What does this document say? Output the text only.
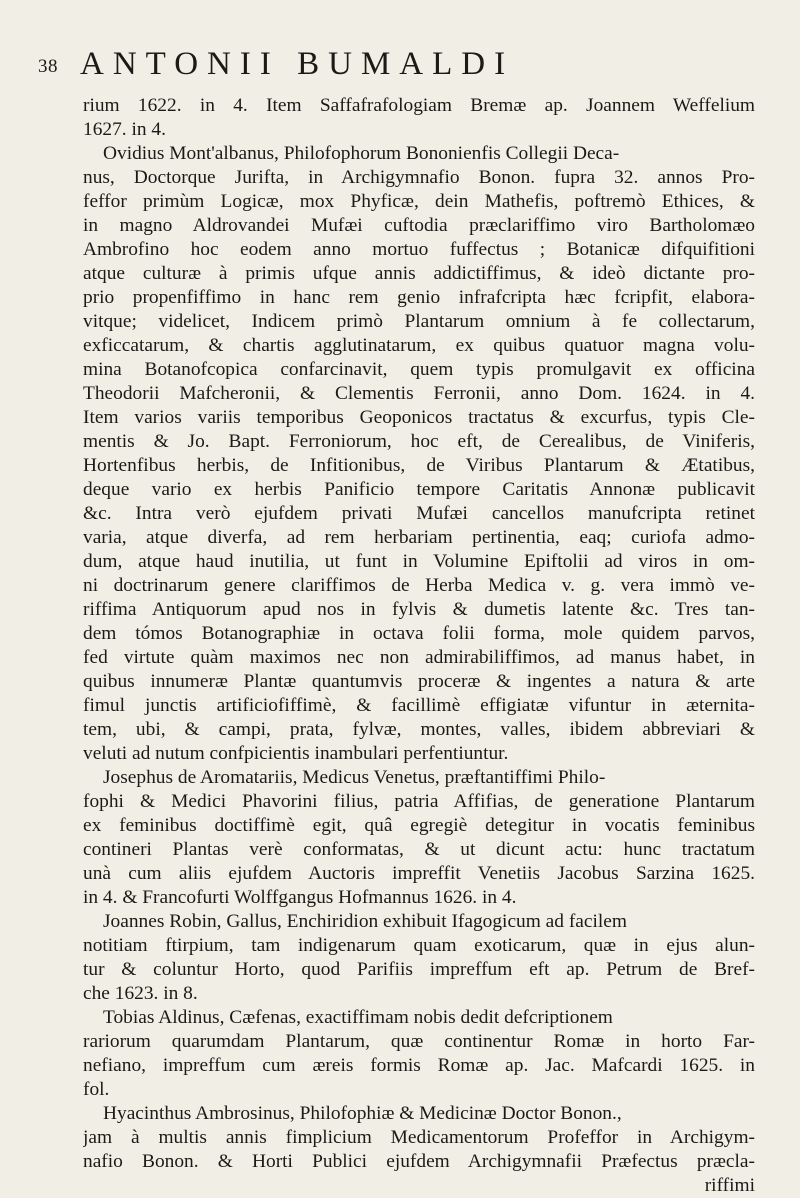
38 ANTONII BUMALDI
rium 1622. in 4. Item Saffafrafologiam Bremæ ap. Joannem Weffelium
1627. in 4.
Ovidius Mont'albanus, Philofophorum Bononienfis Collegii Deca-
nus, Doctorque Jurifta, in Archigymnafio Bonon. fupra 32. annos Pro-
feffor primùm Logicæ, mox Phyficæ, dein Mathefis, poftremò Ethices, &
in magno Aldrovandei Mufæi cuftodia præclariffimo viro Bartholomæo
Ambrofino hoc eodem anno mortuo fuffectus ; Botanicæ difquifitioni
atque culturæ à primis ufque annis addictiffimus, & ideò dictante pro-
prio propenfiffimo in hanc rem genio infrafcripta hæc fcripfit, elabora-
vitque; videlicet, Indicem primò Plantarum omnium à fe collectarum,
exficcatarum, & chartis agglutinatarum, ex quibus quatuor magna volu-
mina Botanofcopica confarcinavit, quem typis promulgavit ex officina
Theodorii Mafcheronii, & Clementis Ferronii, anno Dom. 1624. in 4.
Item varios variis temporibus Geoponicos tractatus & excurfus, typis Cle-
mentis & Jo. Bapt. Ferroniorum, hoc eft, de Cerealibus, de Viniferis,
Hortenfibus herbis, de Infitionibus, de Viribus Plantarum & Ætatibus,
deque vario ex herbis Panificio tempore Caritatis Annonæ publicavit
&c. Intra verò ejufdem privati Mufæi cancellos manufcripta retinet
varia, atque diverfa, ad rem herbariam pertinentia, eaq; curiofa admo-
dum, atque haud inutilia, ut funt in Volumine Epiftolii ad viros in om-
ni doctrinarum genere clariffimos de Herba Medica v. g. vera immò ve-
riffima Antiquorum apud nos in fylvis & dumetis latente &c. Tres tan-
dem tómos Botanographiæ in octava folii forma, mole quidem parvos,
fed virtute quàm maximos nec non admirabiliffimos, ad manus habet, in
quibus innumeræ Plantæ quantumvis proceræ & ingentes a natura & arte
fimul junctis artificiofiffimè, & facillimè effigiatæ vifuntur in æternita-
tem, ubi, & campi, prata, fylvæ, montes, valles, ibidem abbreviari &
veluti ad nutum confpicientis inambulari perfentiuntur.
Josephus de Aromatariis, Medicus Venetus, præftantiffimi Philo-
fophi & Medici Phavorini filius, patria Affifias, de generatione Plantarum
ex feminibus doctiffimè egit, quâ egregiè detegitur in vocatis feminibus
contineri Plantas verè conformatas, & ut dicunt actu: hunc tractatum
unà cum aliis ejufdem Auctoris impreffit Venetiis Jacobus Sarzina 1625.
in 4. & Francofurti Wolffgangus Hofmannus 1626. in 4.
Joannes Robin, Gallus, Enchiridion exhibuit Ifagogicum ad facilem
notitiam ftirpium, tam indigenarum quam exoticarum, quæ in ejus alun-
tur & coluntur Horto, quod Parifiis impreffum eft ap. Petrum de Bref-
che 1623. in 8.
Tobias Aldinus, Cæfenas, exactiffimam nobis dedit defcriptionem
rariorum quarumdam Plantarum, quæ continentur Romæ in horto Far-
nefiano, impreffum cum æreis formis Romæ ap. Jac. Mafcardi 1625. in
fol.
Hyacinthus Ambrosinus, Philofophiæ & Medicinæ Doctor Bonon.,
jam à multis annis fimplicium Medicamentorum Profeffor in Archigym-
nafio Bonon. & Horti Publici ejufdem Archigymnafii Præfectus præcla-
riffimi
